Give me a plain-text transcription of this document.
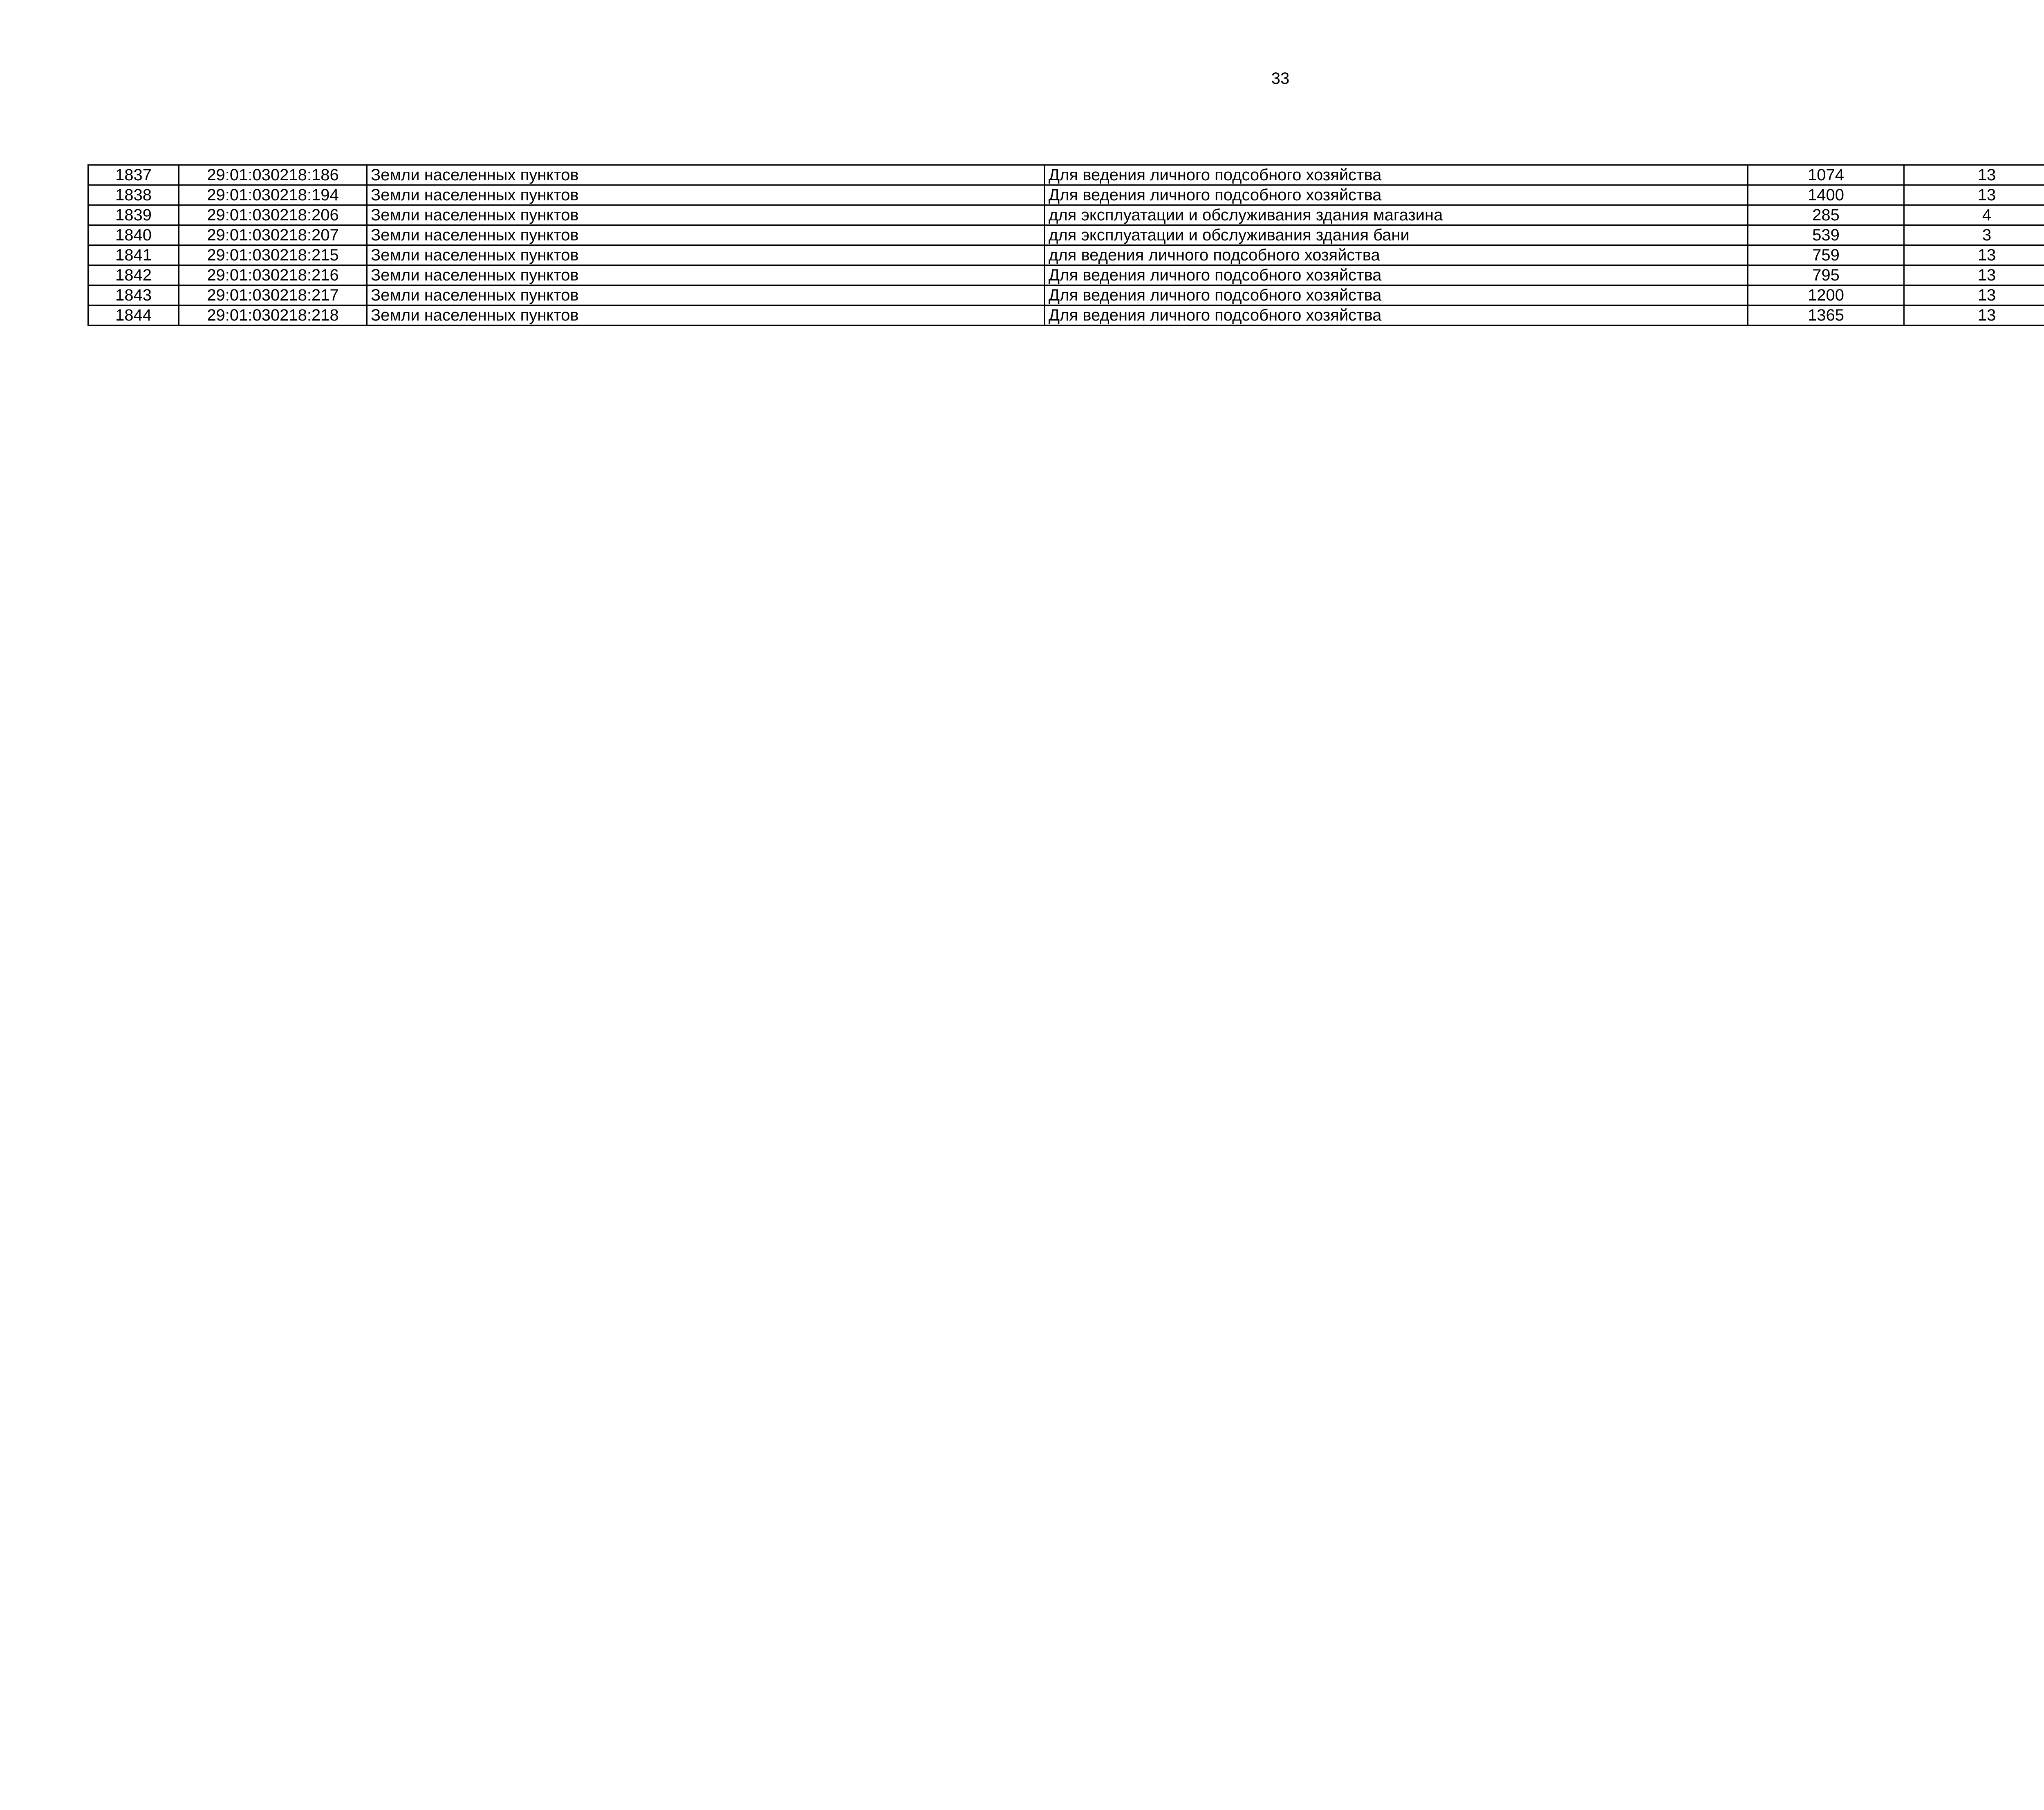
33
1837	29:01:030218:186	Земли населенных пунктов	Для ведения личного подсобного хозяйства	1074	13		
1838	29:01:030218:194	Земли населенных пунктов	Для ведения личного подсобного хозяйства	1400	13		
1839	29:01:030218:206	Земли населенных пунктов	для эксплуатации и обслуживания здания магазина	285	4		
1840	29:01:030218:207	Земли населенных пунктов	для эксплуатации и обслуживания здания бани	539	3		
1841	29:01:030218:215	Земли населенных пунктов	для ведения личного подсобного хозяйства	759	13		
1842	29:01:030218:216	Земли населенных пунктов	Для ведения личного подсобного хозяйства	795	13		
1843	29:01:030218:217	Земли населенных пунктов	Для ведения личного подсобного хозяйства	1200	13		
1844	29:01:030218:218	Земли населенных пунктов	Для ведения личного подсобного хозяйства	1365	13		
